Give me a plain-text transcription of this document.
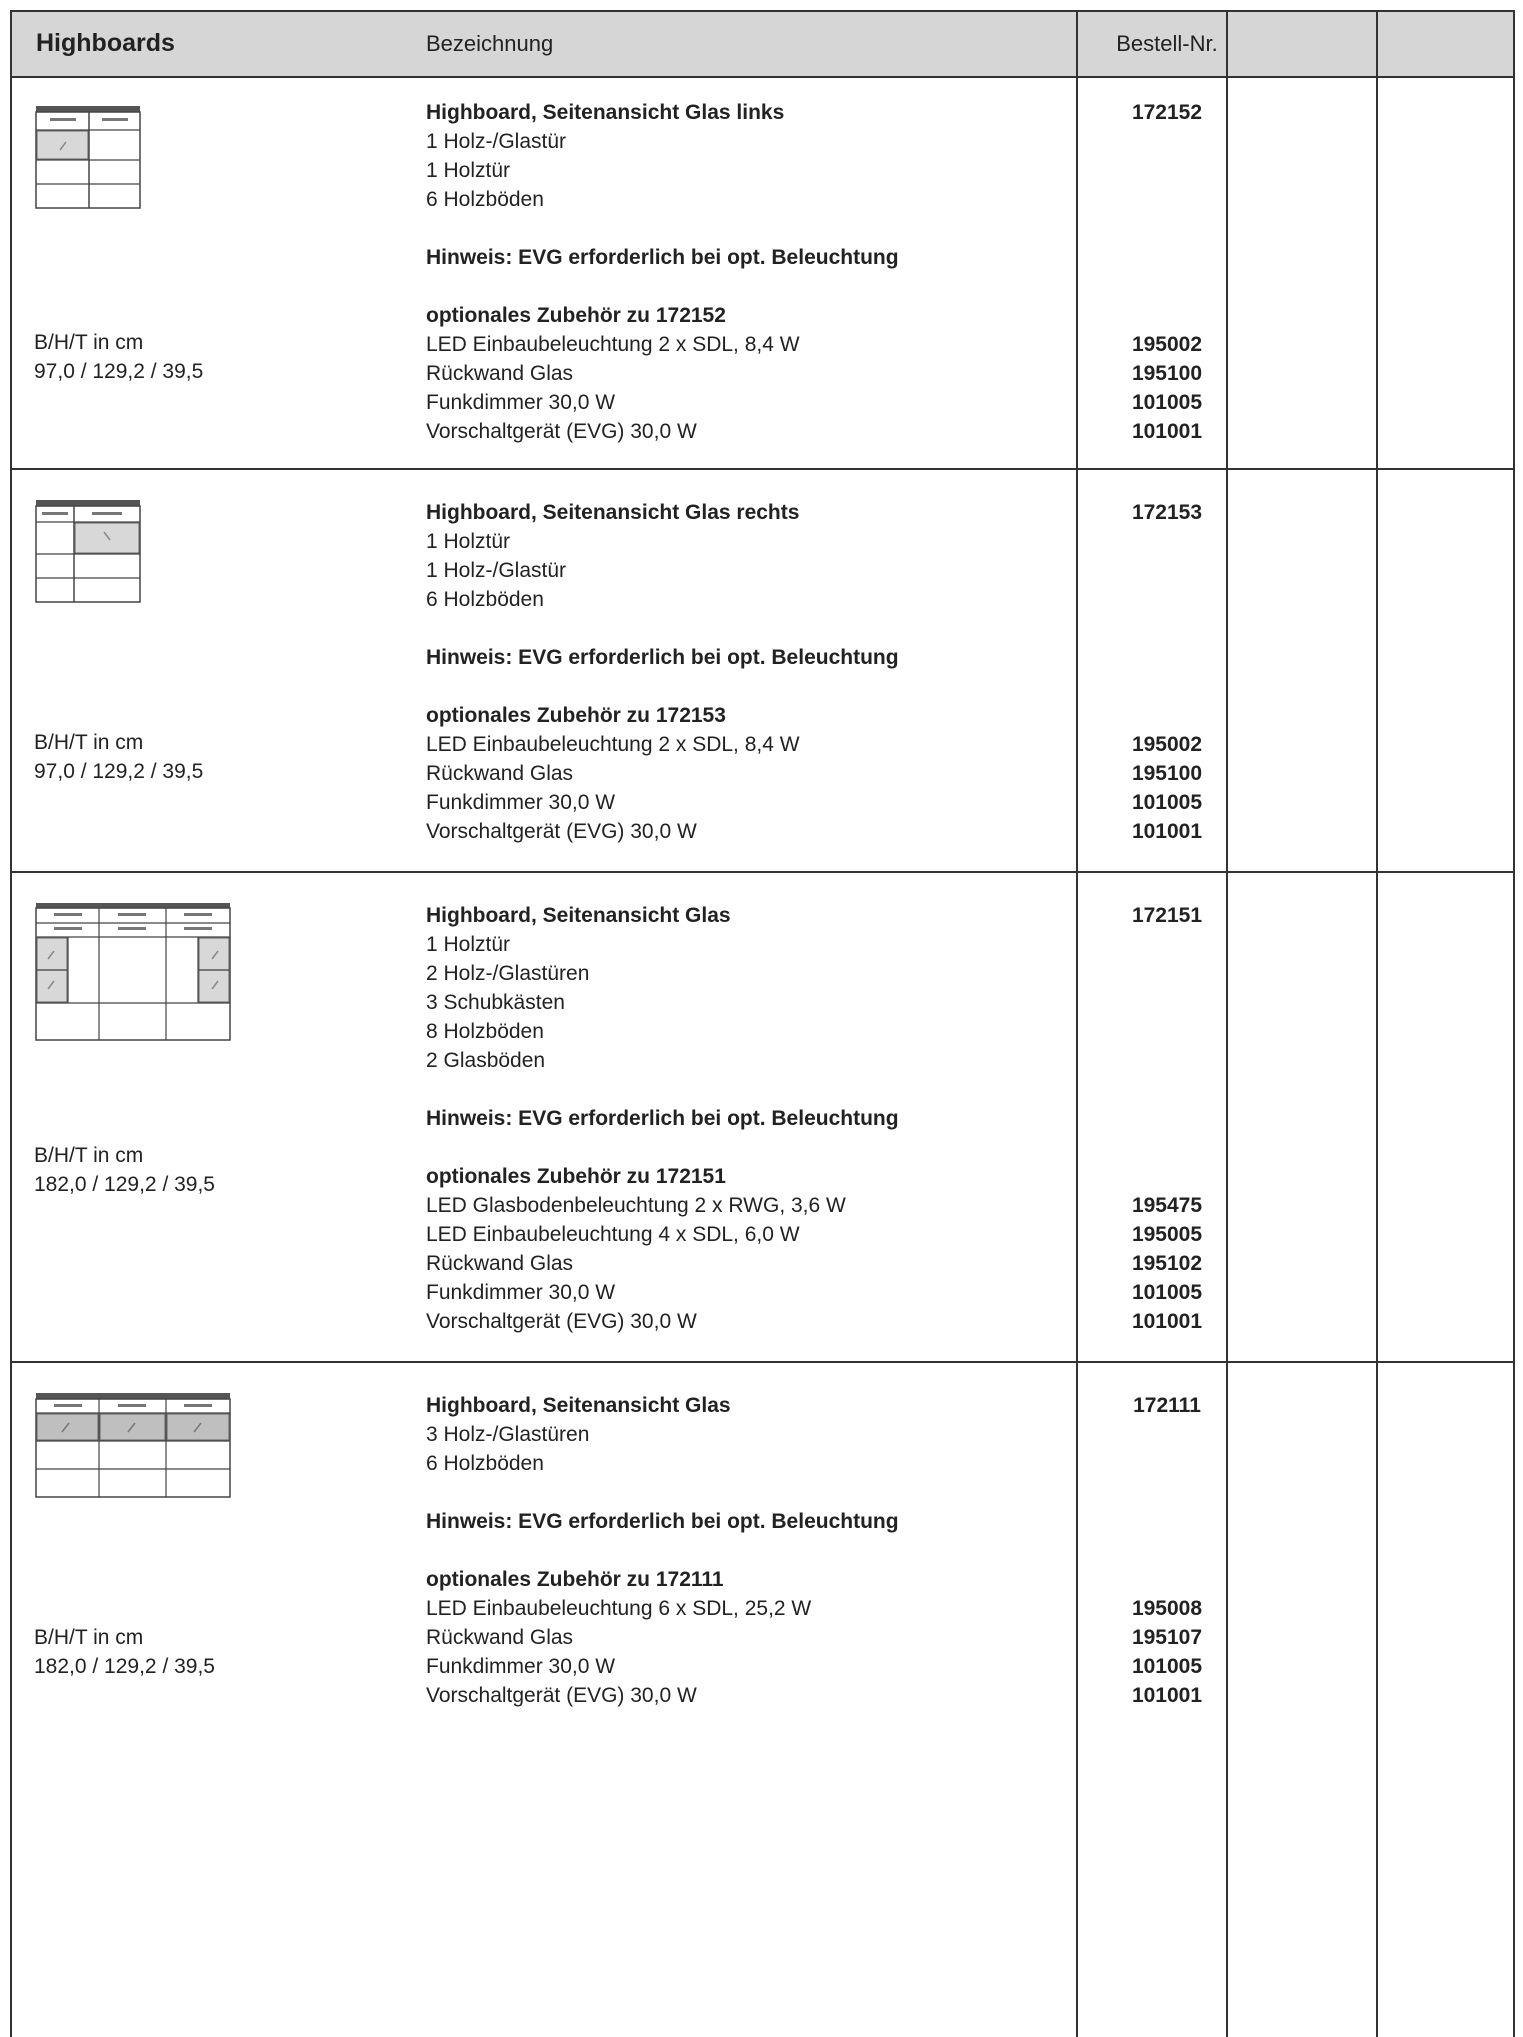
Highboards	Bezeichnung	Bestell-Nr.
Highboard, Seitenansicht Glas links
1 Holz-/Glastür
1 Holztür
6 Holzböden
Hinweis: EVG erforderlich bei opt. Beleuchtung
optionales Zubehör zu 172152
LED Einbaubeleuchtung 2 x SDL, 8,4 W
Rückwand Glas
Funkdimmer 30,0 W
Vorschaltgerät (EVG) 30,0 W
172152
195002
195100
101005
101001
B/H/T in cm
97,0 / 129,2 / 39,5
Highboard, Seitenansicht Glas rechts
1 Holztür
1 Holz-/Glastür
6 Holzböden
Hinweis: EVG erforderlich bei opt. Beleuchtung
optionales Zubehör zu 172153
LED Einbaubeleuchtung 2 x SDL, 8,4 W
Rückwand Glas
Funkdimmer 30,0 W
Vorschaltgerät (EVG) 30,0 W
172153
195002
195100
101005
101001
B/H/T in cm
97,0 / 129,2 / 39,5
Highboard, Seitenansicht Glas
1 Holztür
2 Holz-/Glastüren
3 Schubkästen
8 Holzböden
2 Glasböden
Hinweis: EVG erforderlich bei opt. Beleuchtung
optionales Zubehör zu 172151
LED Glasbodenbeleuchtung 2 x RWG, 3,6 W
LED Einbaubeleuchtung 4 x SDL, 6,0 W
Rückwand Glas
Funkdimmer 30,0 W
Vorschaltgerät (EVG) 30,0 W
172151
195475
195005
195102
101005
101001
B/H/T in cm
182,0 / 129,2 / 39,5
Highboard, Seitenansicht Glas
3 Holz-/Glastüren
6 Holzböden
Hinweis: EVG erforderlich bei opt. Beleuchtung
optionales Zubehör zu 172111
LED Einbaubeleuchtung 6 x SDL, 25,2 W
Rückwand Glas
Funkdimmer 30,0 W
Vorschaltgerät (EVG) 30,0 W
172111
195008
195107
101005
101001
B/H/T in cm
182,0 / 129,2 / 39,5
